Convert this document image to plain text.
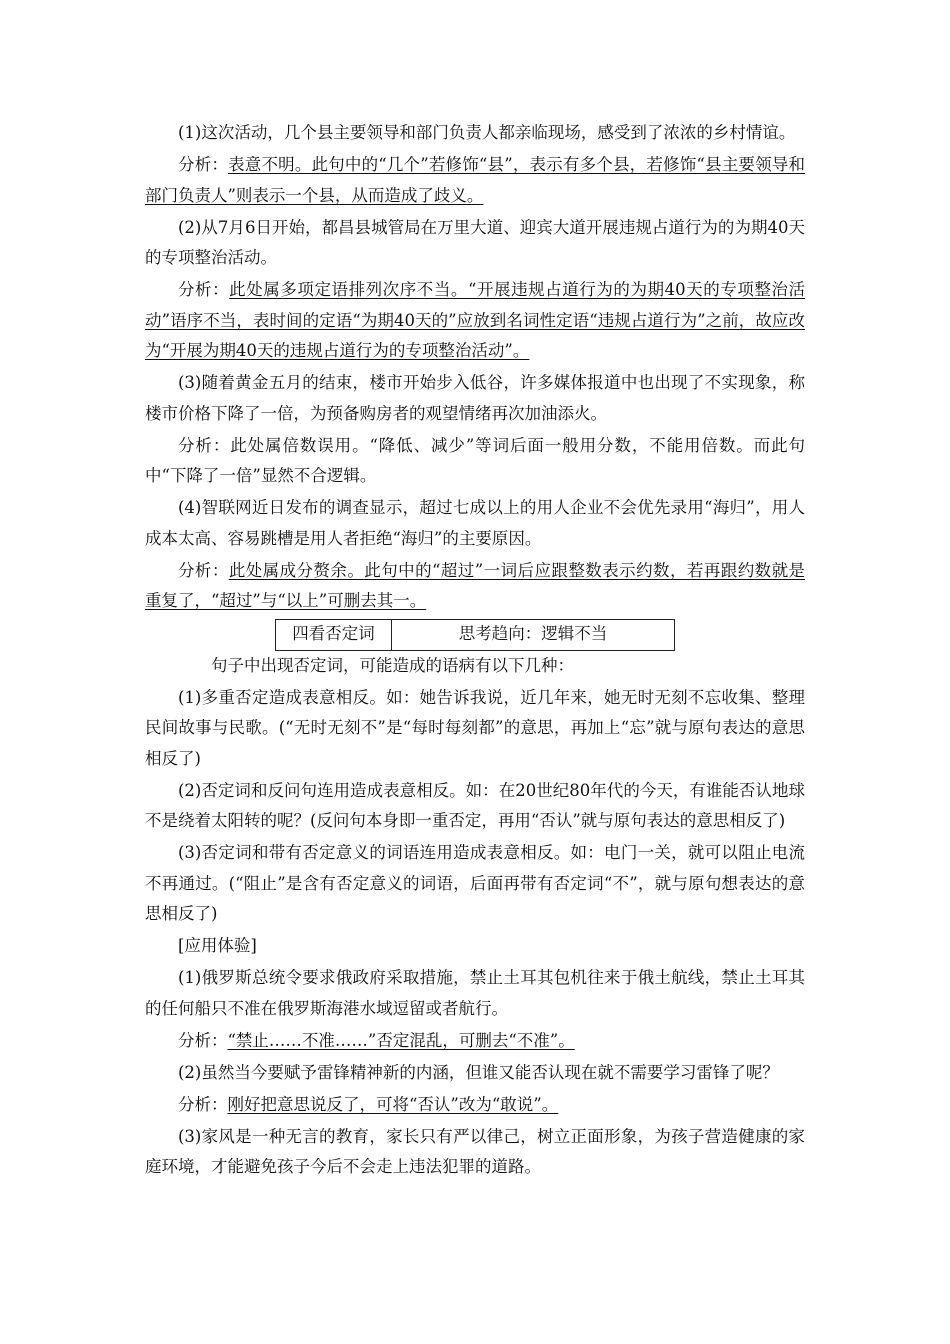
(1)这次活动，几个县主要领导和部门负责人都亲临现场，感受到了浓浓的乡村情谊。

分析：表意不明。此句中的“几个”若修饰“县”，表示有多个县，若修饰“县主要领导和部门负责人”则表示一个县，从而造成了歧义。

(2)从7月6日开始，都昌县城管局在万里大道、迎宾大道开展违规占道行为的为期40天的专项整治活动。

分析：此处属多项定语排列次序不当。“开展违规占道行为的为期40天的专项整治活动”语序不当，表时间的定语“为期40天的”应放到名词性定语“违规占道行为”之前，故应改为“开展为期40天的违规占道行为的专项整治活动”。

(3)随着黄金五月的结束，楼市开始步入低谷，许多媒体报道中也出现了不实现象，称楼市价格下降了一倍，为预备购房者的观望情绪再次加油添火。

分析：此处属倍数误用。“降低、减少”等词后面一般用分数，不能用倍数。而此句中“下降了一倍”显然不合逻辑。

(4)智联网近日发布的调查显示，超过七成以上的用人企业不会优先录用“海归”，用人成本太高、容易跳槽是用人者拒绝“海归”的主要原因。

分析：此处属成分赘余。此句中的“超过”一词后应跟整数表示约数，若再跟约数就是重复了，“超过”与“以上”可删去其一。

四看否定词	思考趋向：逻辑不当

句子中出现否定词，可能造成的语病有以下几种：

(1)多重否定造成表意相反。如：她告诉我说，近几年来，她无时无刻不忘收集、整理民间故事与民歌。(“无时无刻不”是“每时每刻都”的意思，再加上“忘”就与原句表达的意思相反了)

(2)否定词和反问句连用造成表意相反。如：在20世纪80年代的今天，有谁能否认地球不是绕着太阳转的呢？(反问句本身即一重否定，再用“否认”就与原句表达的意思相反了)

(3)否定词和带有否定意义的词语连用造成表意相反。如：电门一关，就可以阻止电流不再通过。(“阻止”是含有否定意义的词语，后面再带有否定词“不”，就与原句想表达的意思相反了)

[应用体验]

(1)俄罗斯总统令要求俄政府采取措施，禁止土耳其包机往来于俄土航线，禁止土耳其的任何船只不准在俄罗斯海港水域逗留或者航行。

分析：“禁止……不准……”否定混乱，可删去“不准”。

(2)虽然当今要赋予雷锋精神新的内涵，但谁又能否认现在就不需要学习雷锋了呢？

分析：刚好把意思说反了，可将“否认”改为“敢说”。

(3)家风是一种无言的教育，家长只有严以律己，树立正面形象，为孩子营造健康的家庭环境，才能避免孩子今后不会走上违法犯罪的道路。
